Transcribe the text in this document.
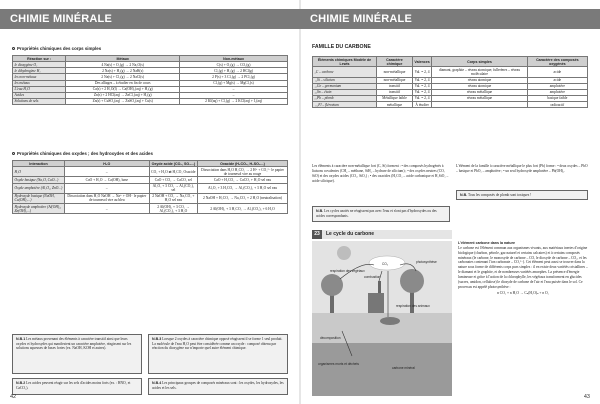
CHIMIE MINÉRALE
Propriétés chimiques des corps simples
Réaction sur :	Métaux	Non-métaux
le dioxygène O₂	4 Na(s) + O₂(g) → 2 Na₂O(s)	C(s) + O₂(g) → CO₂(g)
le dihydrogène H₂	2 Na(s) + H₂(g) → 2 NaH(s)	Cl₂(g) + H₂(g) → 2 HCl(g)
les non-métaux	2 Na(s) + Cl₂(g) → 2 NaCl(s)	2 P(s) + 3 Cl₂(g) → 2 PCl₃(g)
les métaux	Des alliages – à étudier en fin de cours	Cl₂(g) + Mg(s) → MgCl₂(s)
L'eau H₂O	Ca(s) + 2 H₂O(l) → Ca(OH)₂(aq) + H₂(g)	–
Acides	Zn(s) + 2 HCl(aq) → ZnCl₂(aq) + H₂(g)	–
Solutions de sels	Zn(s) + CuSO₄(aq) → ZnSO₄(aq) + Cu(s)	2 KI(aq) + Cl₂(g) → 2 KCl(aq) + I₂(aq)
Propriétés chimiques des oxydes ; des hydroxydes et des acides
Interaction	H₂O	Oxyde acide (CO₂, SO₃...)	Oxacide (H₂CO₃, H₂SO₄...)
H₂O	–	CO₂ + H₂O ⇄ H₂CO₃ Oxacide	Dissociation dans H₂O H₂CO₃ → 2 H⁺ + CO₃²⁻ le papier de tournesol vire au rouge
Oxyde basique (Na₂O, CaO...)	CaO + H₂O → Ca(OH)₂ base	CaO + CO₂ → CaCO₃ sel	CaO + H₂CO₃ → CaCO₃ + H₂O sel eau
Oxyde amphotère (Al₂O₃, ZnO...)	–	Al₂O₃ + 3 CO₂ → Al₂(CO₃)₃ sel	Al₂O₃ + 3 H₂CO₃ → Al₂(CO₃)₃ + 3 H₂O sel eau
Hydroxyde basique (NaOH, Ca(OH)₂...)	Dissociation dans H₂O NaOH → Na⁺ + OH⁻ le papier de tournesol vire au bleu	2 NaOH + CO₂ → Na₂CO₃ + H₂O sel eau	2 NaOH + H₂CO₃ → Na₂CO₃ + 2 H₂O (neutralisation)
Hydroxyde amphotère (Al(OH)₃, Zn(OH)₂...)	–	2 Al(OH)₃ + 3 CO₂ → Al₂(CO₃)₃ + 3 H₂O	2 Al(OH)₃ + 3 H₂CO₃ → Al₂(CO₃)₃ + 6 H₂O
N.B.1 Les métaux provenant des éléments à caractère transitif ainsi que leurs oxydes et hydroxydes qui manifestent un caractère amphotère, réagissent sur les solutions aqueuses de bases fortes (ex. NaOH, KOH et autres).
N.B.2 Les acides peuvent réagir sur les sels d'acides moins forts (ex. : HNO₃ et CaCO₃).
N.B.3 Lorsque 2 oxydes à caractère chimique opposé réagissent il se forme 1 seul produit. La molécule de l'eau H₂O peut être considérée comme un oxyde : composé obtenu par réaction du dioxygène sur n'importe quel autre élément chimique.
N.B.4 Les principaux groupes de composés minéraux sont : les oxydes, les hydroxydes, les acides et les sels.
42
CHIMIE MINÉRALE
FAMILLE DU CARBONE
Éléments chimiques Modèle de Lewis	Caractère chimique	Valences	Corps simples	Caractère des composés oxygénés
₆C – carbone	non-métallique	Val. = 2, 4	diamant, graphite – réseau atomique; fullerènes – réseau moléculaire	acide
₁₄Si – silicium	non-métallique	Val. = 2, 4	réseau atomique	acide
₃₂Ge – germanium	transitif	Val. = 2, 4	réseau atomique	amphotère
₅₀Sn – étain	transitif	Val. = 2, 4	réseau métallique	amphotère
₈₂Pb – plomb	Métallique faible	Val. = 2, 4	réseau métallique	basique faible
₁₁₄Fl – flérovium	métallique	À étudier		radioactif
Les éléments à caractère non-métallique fort (C, Si) forment : • des composés hydrogénés à liaisons covalentes (CH₄ – méthane, SiH₄ – hydrure de silicium) ; • des oxydes neutres (CO, SiO) et des oxydes acides (CO₂, SiO₂) ; • des oxacides (H₂CO₃ – acide carbonique et H₂SiO₃ – acide silicique).
N.B. Les cycles azotés ne réagissent pas avec l'eau et n'ont pas d'hydroxydes ou des acides correspondants.
L'élément de la famille à caractère métallique le plus fort (Pb) forme : • deux oxydes – PbO – basique et PbO₂ – amphotère ; • un seul hydroxyde amphotère – Pb(OH)₂.
N.B. Tous les composés de plomb sont toxiques !
23	Le cycle du carbone
CO₂
respiration des végétaux
photosynthèse
combustion
respiration des animaux
décomposition
carbone minéral
organismes morts et déchets
L'élément carbone dans la nature
Le carbone est l'élément commun aux organismes vivants, aux matériaux inertes d'origine biologique (charbon, pétrole, gaz naturel et certains calcaires) et à certains composés minéraux (le carbone, le monoxyde de carbone – CO, le dioxyde de carbone – CO₂, et les carbonates contenant l'ion carbonate – CO₃²⁻). Cet élément peut aussi se trouver dans la nature sous forme de différents corps purs simples : il en existe deux variétés cristallines – le diamant et le graphite, et de nombreuses variétés amorphes. La présence d'énergie lumineuse et grâce à l'action de la chlorophylle, les végétaux transforment en glucides (sucres, amidon, cellulose) le dioxyde de carbone de l'air et l'eau puisée dans le sol. Ce processus est appelé photosynthèse :
n CO₂ + n H₂O → Cₙ(H₂O)ₙ + n O₂
43
